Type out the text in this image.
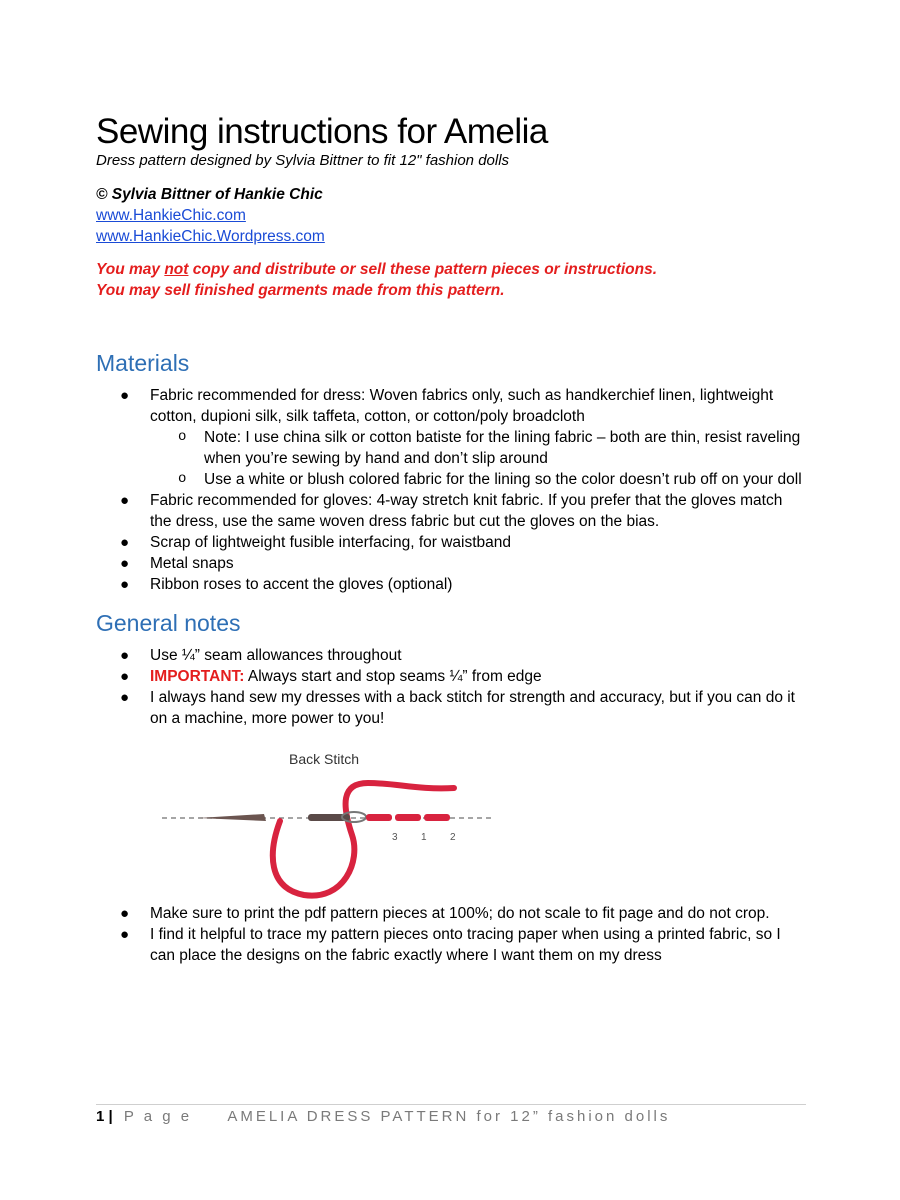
Sewing instructions for Amelia

Dress pattern designed by Sylvia Bittner to fit 12" fashion dolls

© Sylvia Bittner of Hankie Chic
www.HankieChic.com
www.HankieChic.Wordpress.com
You may not copy and distribute or sell these pattern pieces or instructions.
You may sell finished garments made from this pattern.
Materials
● Fabric recommended for dress: Woven fabrics only, such as handkerchief linen, lightweight cotton, dupioni silk, silk taffeta, cotton, or cotton/poly broadcloth
o Note: I use china silk or cotton batiste for the lining fabric – both are thin, resist raveling when you’re sewing by hand and don’t slip around
o Use a white or blush colored fabric for the lining so the color doesn’t rub off on your doll
● Fabric recommended for gloves: 4-way stretch knit fabric. If you prefer that the gloves match the dress, use the same woven dress fabric but cut the gloves on the bias.
● Scrap of lightweight fusible interfacing, for waistband
● Metal snaps
● Ribbon roses to accent the gloves (optional)
General notes
● Use ¼” seam allowances throughout
● IMPORTANT: Always start and stop seams ¼” from edge
● I always hand sew my dresses with a back stitch for strength and accuracy, but if you can do it on a machine, more power to you!
Back Stitch
3 1 2
● Make sure to print the pdf pattern pieces at 100%; do not scale to fit page and do not crop.
● I find it helpful to trace my pattern pieces onto tracing paper when using a printed fabric, so I can place the designs on the fabric exactly where I want them on my dress
1 | P a g e AMELIA DRESS PATTERN for 12” fashion dolls
